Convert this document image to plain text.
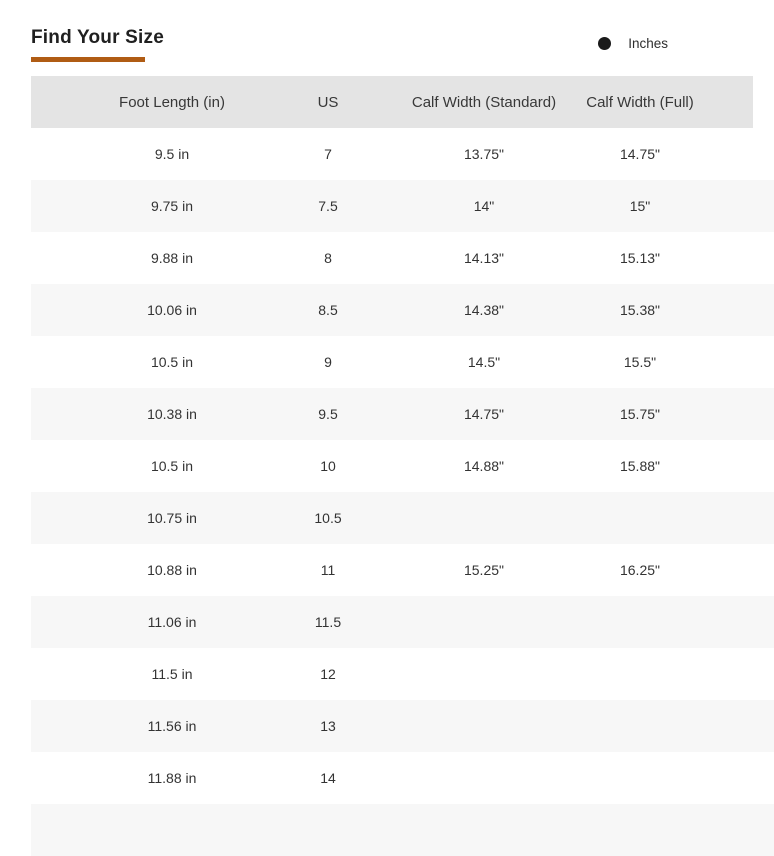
Find Your Size	Inches
Foot Length (in)	US	Calf Width (Standard)	Calf Width (Full)
9.5 in	7	13.75"	14.75"
9.75 in	7.5	14"	15"
9.88 in	8	14.13"	15.13"
10.06 in	8.5	14.38"	15.38"
10.5 in	9	14.5"	15.5"
10.38 in	9.5	14.75"	15.75"
10.5 in	10	14.88"	15.88"
10.75 in	10.5
10.88 in	11	15.25"	16.25"
11.06 in	11.5
11.5 in	12
11.56 in	13
11.88 in	14
